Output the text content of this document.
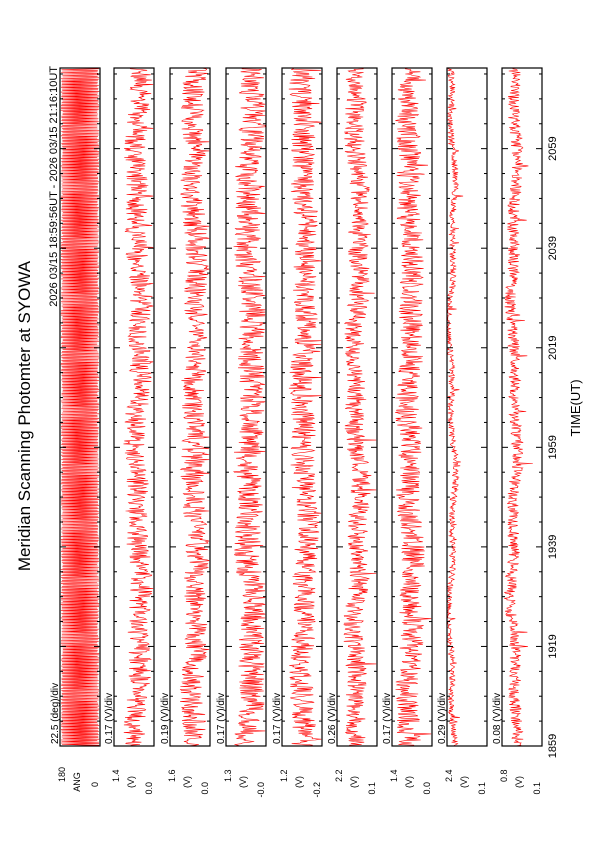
Meridian Scanning Photomter at SYOWA
2026 03/15 18:59:56UT - 2026 03/15 21:16:10UT
TIME(UT)
180 ANG 0
22.5 (deg)/div
1.4 (V) 0.0
0.17 (V)/div
1.6 (V) 0.0
0.19 (V)/div
1.3 (V) -0.0
0.17 (V)/div
1.2 (V) -0.2
0.17 (V)/div
2.2 (V) 0.1
0.26 (V)/div
1.4 (V) 0.0
0.17 (V)/div
2.4 (V) 0.1
0.29 (V)/div
0.8 (V) 0.1
0.08 (V)/div
1859
1919
1939
1959
2019
2039
2059
